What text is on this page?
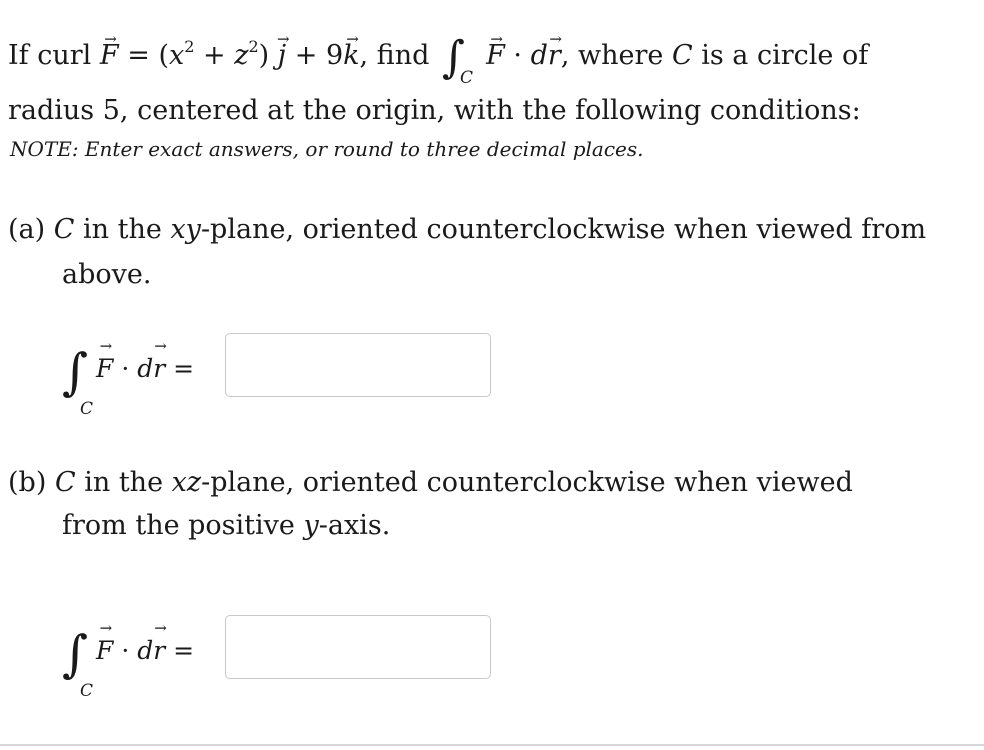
If curl → $F = (x^2 + z^2) \to j + 9\to k$, find ∫
C
→ F · d→ r, where C is a circle of
radius 5, centered at the origin, with the following conditions:
NOTE: Enter exact answers, or round to three decimal places.
(a) C in the xy-plane, oriented counterclockwise when viewed from
above.
∫
C
→ F · d→ r =
(b) C in the xz-plane, oriented counterclockwise when viewed
from the positive y-axis.
∫
C
→ F · d→ r =
